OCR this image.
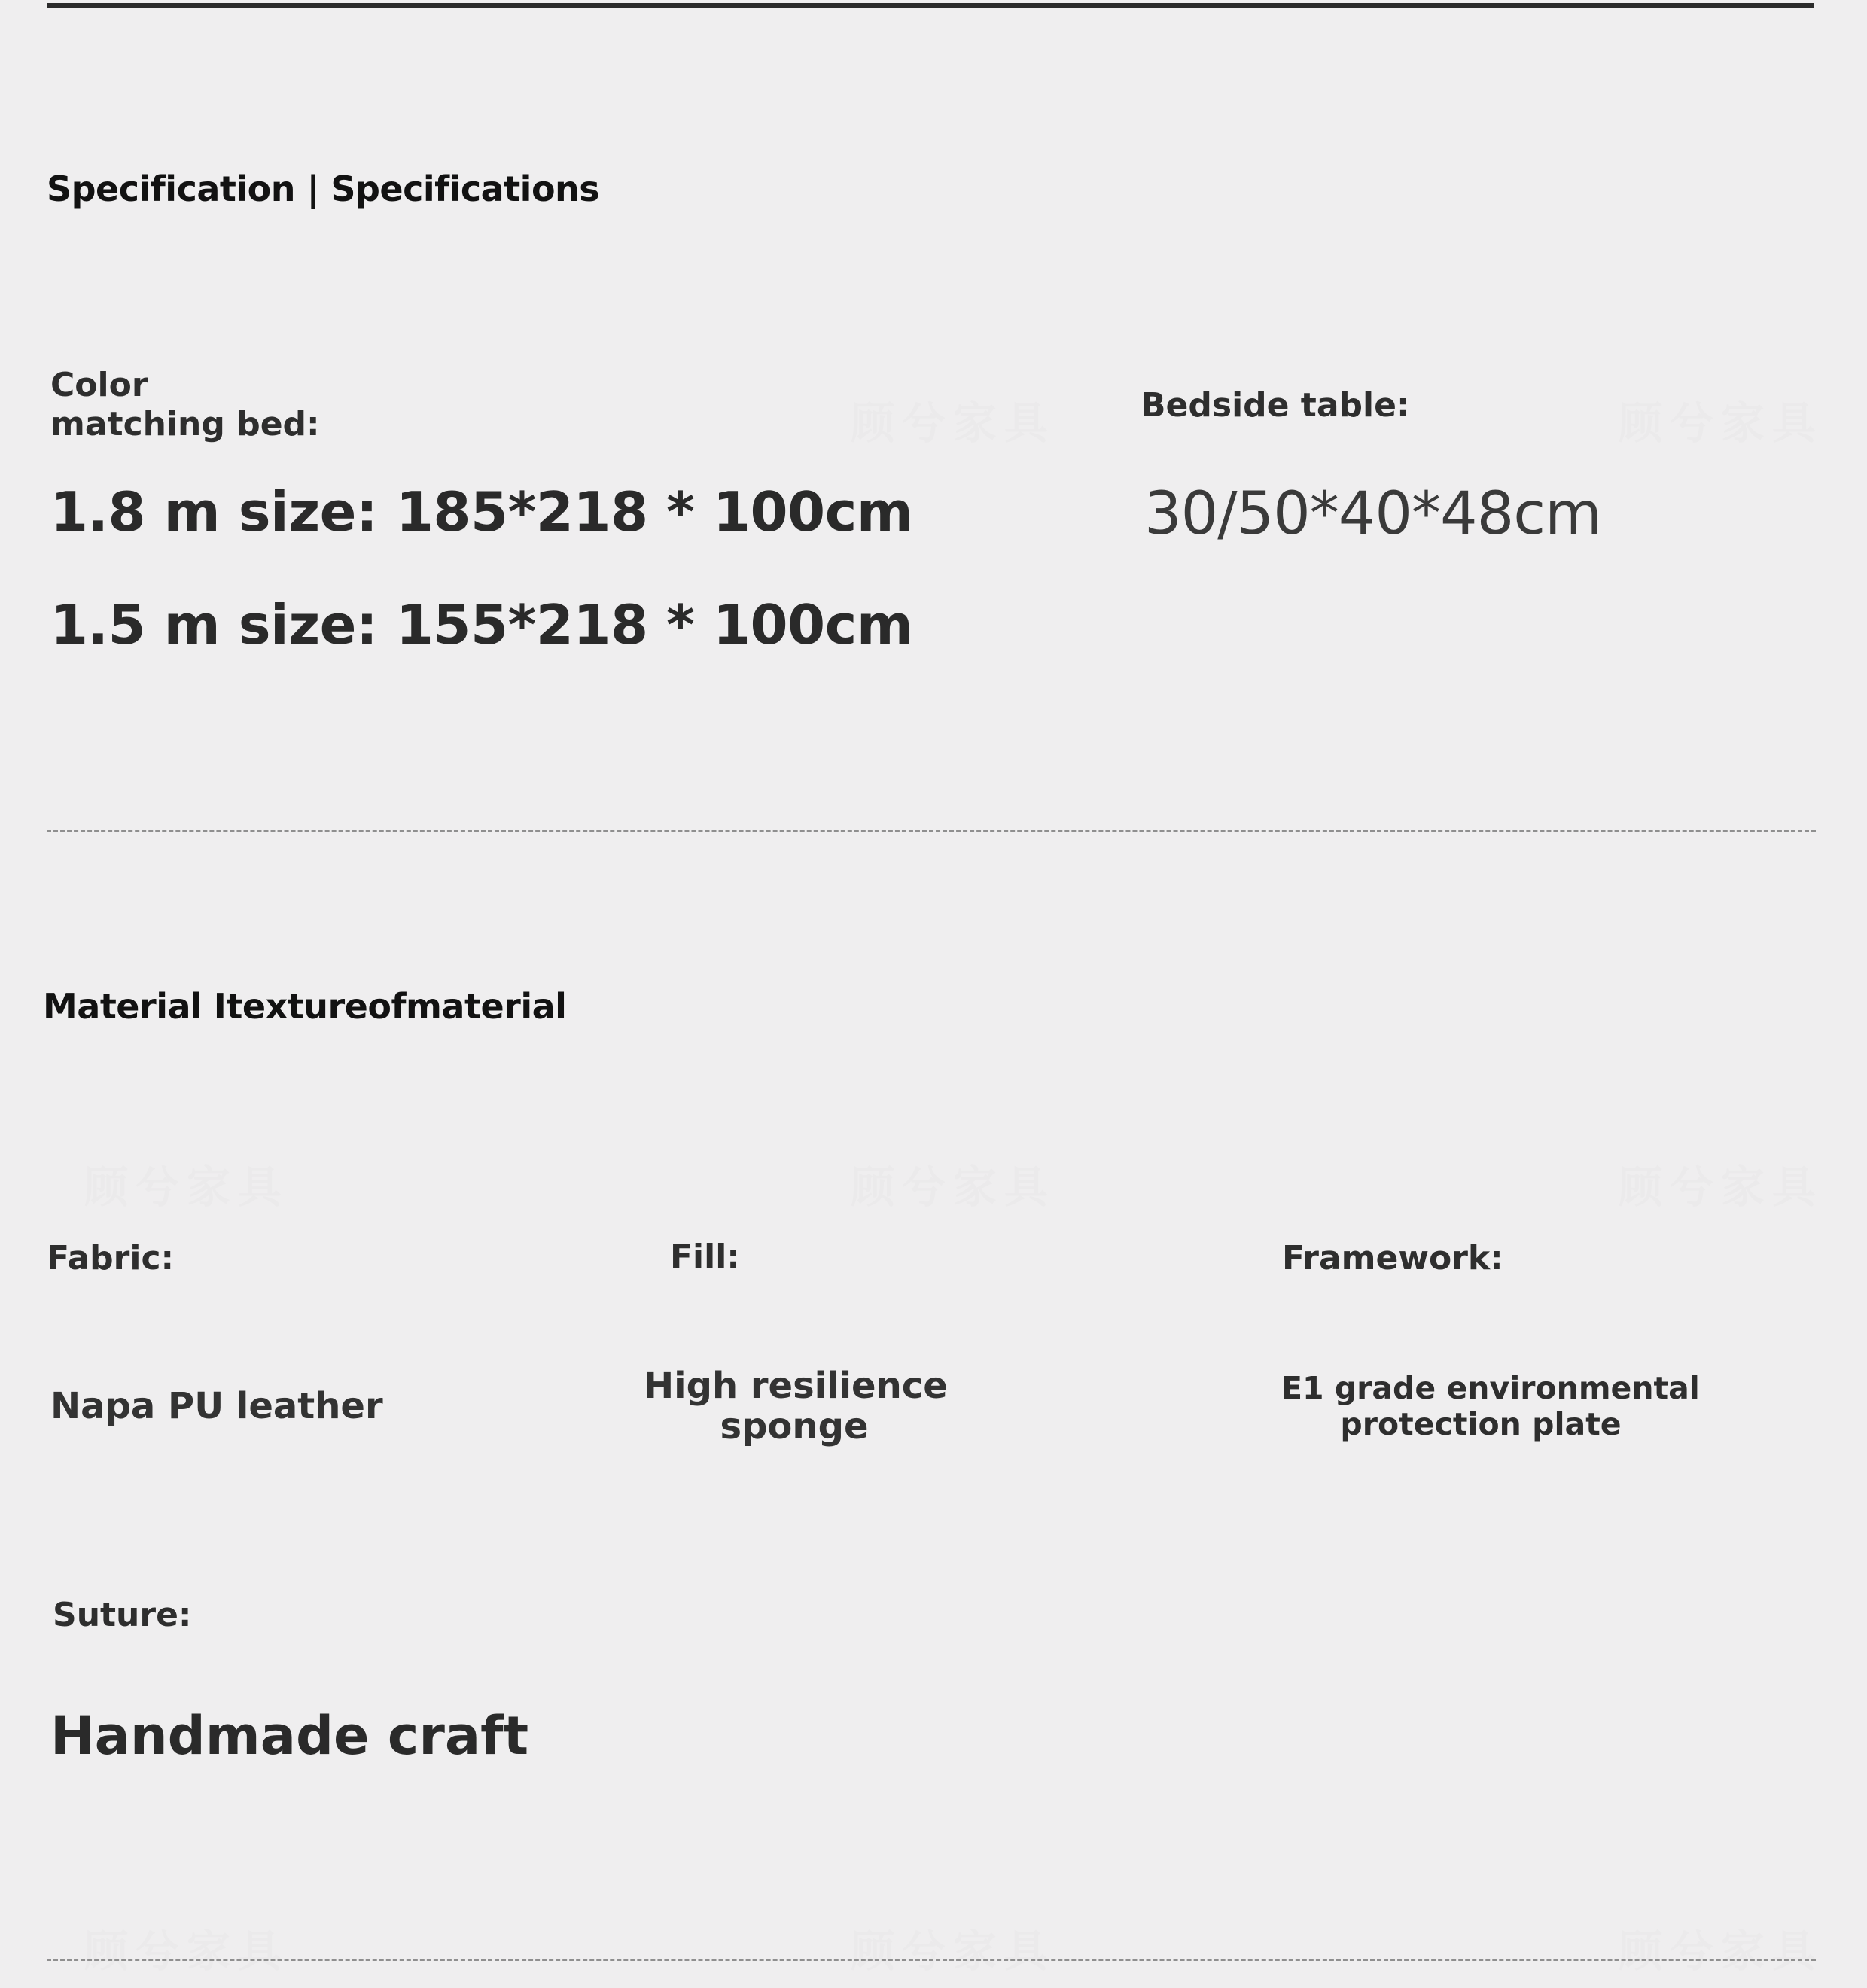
顾兮家具	顾兮家具
顾兮家具	顾兮家具	顾兮家具
顾兮家具	顾兮家具	顾兮家具
Specification | Specifications
Color
matching bed:
1.8 m size: 185*218 * 100cm
1.5 m size: 155*218 * 100cm
Bedside table:
30/50*40*48cm
Material Itextureofmaterial
Fabric:
Napa PU leather
Fill:
High resilience
sponge
Framework:
E1 grade environmental
protection plate
Suture:
Handmade craft
